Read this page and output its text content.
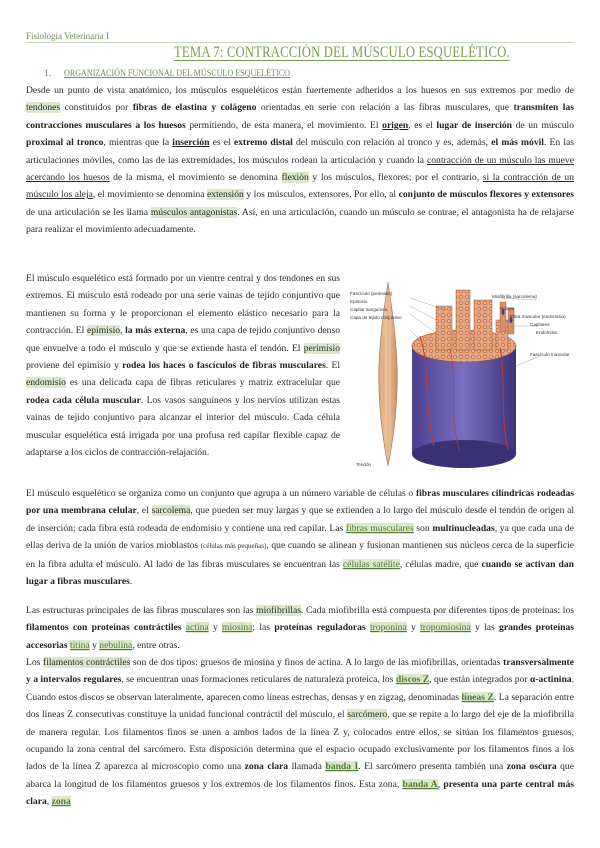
Fisiología Veterinaria I
TEMA 7: CONTRACCIÓN DEL MÚSCULO ESQUELÉTICO.
1. ORGANIZACIÓN FUNCIONAL DEL MÚSCULO ESQUELÉTICO
Desde un punto de vista anatómico, los músculos esqueléticos están fuertemente adheridos a los huesos en sus extremos por medio de tendones constituidos por fibras de elastina y colágeno orientadas en serie con relación a las fibras musculares, que transmiten las contracciones musculares a los huesos permitiendo, de esta manera, el movimiento. El origen, es el lugar de inserción de un músculo proximal al tronco, mientras que la inserción es el extremo distal del músculo con relación al tronco y es, además, el más móvil. En las articulaciones móviles, como las de las extremidades, los músculos rodean la articulación y cuando la contracción de un músculo las mueve acercando los huesos de la misma, el movimiento se denomina flexión y los músculos, flexores; por el contrario, si la contracción de un músculo los aleja, el movimiento se denomina extensión y los músculos, extensores. Por ello, al conjunto de músculos flexores y extensores de una articulación se les llama músculos antagonistas. Así, en una articulación, cuando un músculo se contrae, el antagonista ha de relajarse para realizar el movimiento adecuadamente.
El músculo esquelético está formado por un vientre central y dos tendones en sus extremos. El músculo está rodeado por una serie vainas de tejido conjuntivo que mantienen su forma y le proporcionan el elemento elástico necesario para la contracción. El epimisio, la más externa, es una capa de tejido conjuntivo denso que envuelve a todo el músculo y que se extiende hasta el tendón. El perimisio proviene del epimisio y rodea los haces o fascículos de fibras musculares. El endomisio es una delicada capa de fibras reticulares y matriz extracelular que rodea cada célula muscular. Los vasos sanguíneos y los nervios utilizan estas vainas de tejido conjuntivo para alcanzar el interior del músculo. Cada célula muscular esquelética está irrigada por una profusa red capilar flexible capaz de adaptarse a los ciclos de contracción-relajación.
Fascículo (perimisio)
Epimisio
Miofibrilla (sarcolema)
Capilar sanguíneo
Capa de tejido conjuntivo
Núcleo
Fibra muscular (endomisio)
Capilares
Endomisio
Fascículo muscular
Tendón
El músculo esquelético se organiza como un conjunto que agrupa a un número variable de células o fibras musculares cilíndricas rodeadas por una membrana celular, el sarcolema, que pueden ser muy largas y que se extienden a lo largo del músculo desde el tendón de origen al de inserción; cada fibra está rodeada de endomisio y contiene una red capilar. Las fibras musculares son multinucleadas, ya que cada una de ellas deriva de la unión de varios mioblastos (células más pequeñas), que cuando se alinean y fusionan mantienen sus núcleos cerca de la superficie en la fibra adulta el músculo. Al lado de las fibras musculares se encuentran las células satélite, células madre, que cuando se activan dan lugar a fibras musculares.
Las estructuras principales de las fibras musculares son las miofibrillas. Cada miofibrilla está compuesta por diferentes tipos de proteínas: los filamentos con proteínas contráctiles actina y miosina; las proteínas reguladoras troponina y tropomiosina y las grandes proteínas accesorias titina y nebulina, entre otras.
Los filamentos contráctiles son de dos tipos: gruesos de miosina y finos de actina. A lo largo de las miofibrillas, orientadas transversalmente y a intervalos regulares, se encuentran unas formaciones reticulares de naturaleza proteica, los discos Z, que están integrados por α-actinina. Cuando estos discos se observan lateralmente, aparecen como líneas estrechas, densas y en zigzag, denominadas líneas Z. La separación entre dos líneas Z consecutivas constituye la unidad funcional contráctil del músculo, el sarcómero, que se repite a lo largo del eje de la miofibrilla de manera regular. Los filamentos finos se unen a ambos lados de la línea Z y, colocados entre ellos, se sitúan los filamentos gruesos, ocupando la zona central del sarcómero. Esta disposición determina que el espacio ocupado exclusivamente por los filamentos finos a los lados de la línea Z aparezca al microscopio como una zona clara llamada banda I. El sarcómero presenta también una zona oscura que abarca la longitud de los filamentos gruesos y los extremos de los filamentos finos. Esta zona, banda A, presenta una parte central más clara, zona
